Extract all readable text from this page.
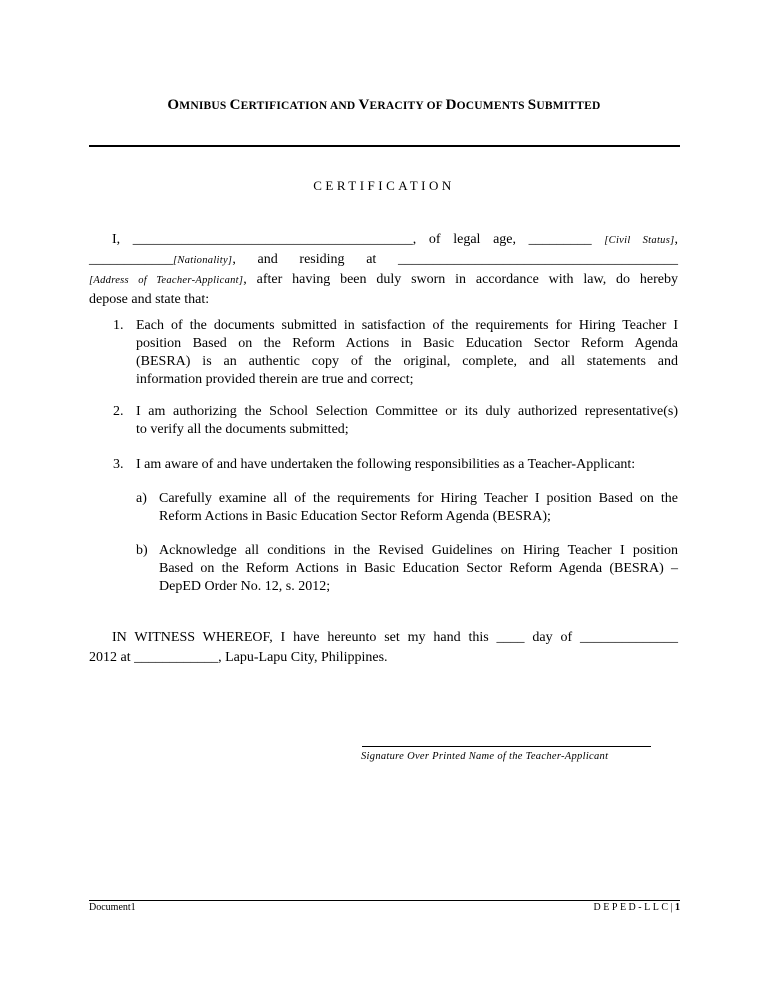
OMNIBUS CERTIFICATION AND VERACITY OF DOCUMENTS SUBMITTED
CERTIFICATION
I, ________________________________________, of legal age, _________ [Civil Status],
____________[Nationality], and residing at ________________________________________
[Address of Teacher-Applicant], after having been duly sworn in accordance with law, do hereby
depose and state that:
1. Each of the documents submitted in satisfaction of the requirements for Hiring Teacher I
position Based on the Reform Actions in Basic Education Sector Reform Agenda
(BESRA) is an authentic copy of the original, complete, and all statements and
information provided therein are true and correct;
2. I am authorizing the School Selection Committee or its duly authorized representative(s)
to verify all the documents submitted;
3. I am aware of and have undertaken the following responsibilities as a Teacher-Applicant:
a) Carefully examine all of the requirements for Hiring Teacher I position Based on the
Reform Actions in Basic Education Sector Reform Agenda (BESRA);
b) Acknowledge all conditions in the Revised Guidelines on Hiring Teacher I position
Based on the Reform Actions in Basic Education Sector Reform Agenda (BESRA) –
DepED Order No. 12, s. 2012;
IN WITNESS WHEREOF, I have hereunto set my hand this ____ day of ______________
2012 at ____________, Lapu-Lapu City, Philippines.
Signature Over Printed Name of the Teacher-Applicant
Document1	DEPED-LLC|1
